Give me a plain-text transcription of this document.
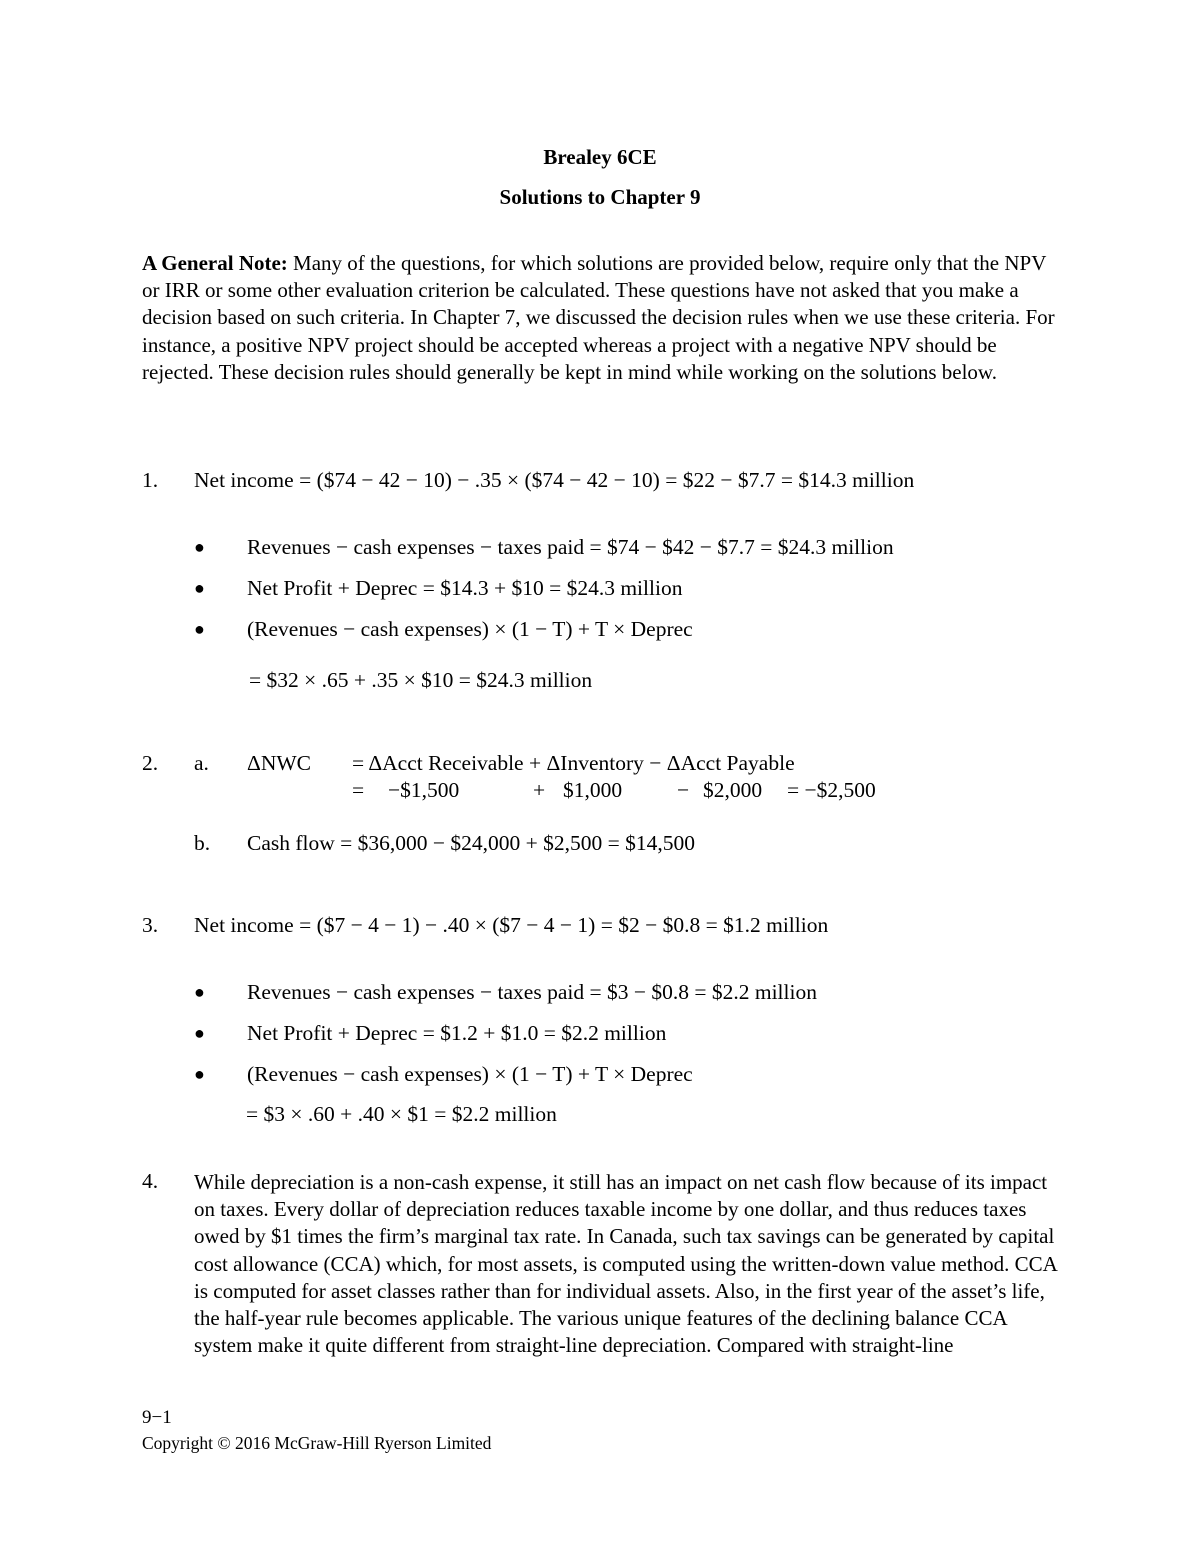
Brealey 6CE
Solutions to Chapter 9
A General Note: Many of the questions, for which solutions are provided below, require only that the NPV or IRR or some other evaluation criterion be calculated. These questions have not asked that you make a decision based on such criteria. In Chapter 7, we discussed the decision rules when we use these criteria. For instance, a positive NPV project should be accepted whereas a project with a negative NPV should be rejected. These decision rules should generally be kept in mind while working on the solutions below.
1. Net income = ($74 − 42 − 10) − .35 × ($74 − 42 − 10) = $22 − $7.7 = $14.3 million
● Revenues − cash expenses − taxes paid = $74 − $42 − $7.7 = $24.3 million
● Net Profit + Deprec = $14.3 + $10 = $24.3 million
● (Revenues − cash expenses) × (1 − T) + T × Deprec
= $32 × .65 + .35 × $10 = $24.3 million
2. a. ΔNWC = ΔAcct Receivable + ΔInventory − ΔAcct Payable
= −$1,500	+ $1,000	− $2,000 = −$2,500
b. Cash flow = $36,000 − $24,000 + $2,500 = $14,500
3. Net income = ($7 − 4 − 1) − .40 × ($7 − 4 − 1) = $2 − $0.8 = $1.2 million
● Revenues − cash expenses − taxes paid = $3 − $0.8 = $2.2 million
● Net Profit + Deprec = $1.2 + $1.0 = $2.2 million
● (Revenues − cash expenses) × (1 − T) + T × Deprec
= $3 × .60 + .40 × $1 = $2.2 million
4. While depreciation is a non-cash expense, it still has an impact on net cash flow because of its impact on taxes. Every dollar of depreciation reduces taxable income by one dollar, and thus reduces taxes owed by $1 times the firm’s marginal tax rate. In Canada, such tax savings can be generated by capital cost allowance (CCA) which, for most assets, is computed using the written-down value method. CCA is computed for asset classes rather than for individual assets. Also, in the first year of the asset’s life, the half-year rule becomes applicable. The various unique features of the declining balance CCA system make it quite different from straight-line depreciation. Compared with straight-line
9−1
Copyright © 2016 McGraw-Hill Ryerson Limited
